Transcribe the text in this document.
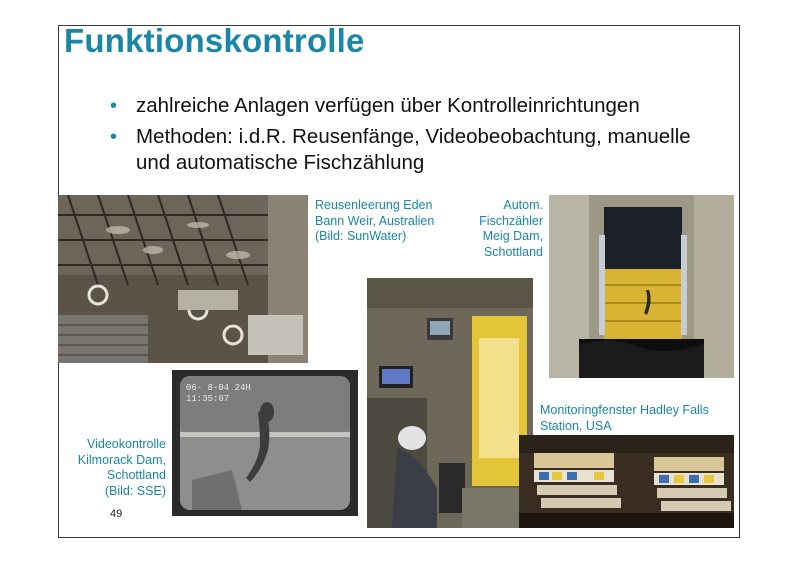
Funktionskontrolle
• zahlreiche Anlagen verfügen über Kontrolleinrichtungen
• Methoden: i.d.R. Reusenfänge, Videobeobachtung, manuelle und automatische Fischzählung
Reusenleerung Eden
Bann Weir, Australien
(Bild: SunWater)
Autom.
Fischzähler
Meig Dam,
Schottland
Monitoringfenster Hadley Falls
Station, USA
06- 8-04 24H
11:35:07
Videokontrolle
Kilmorack Dam,
Schottland
(Bild: SSE)
49
